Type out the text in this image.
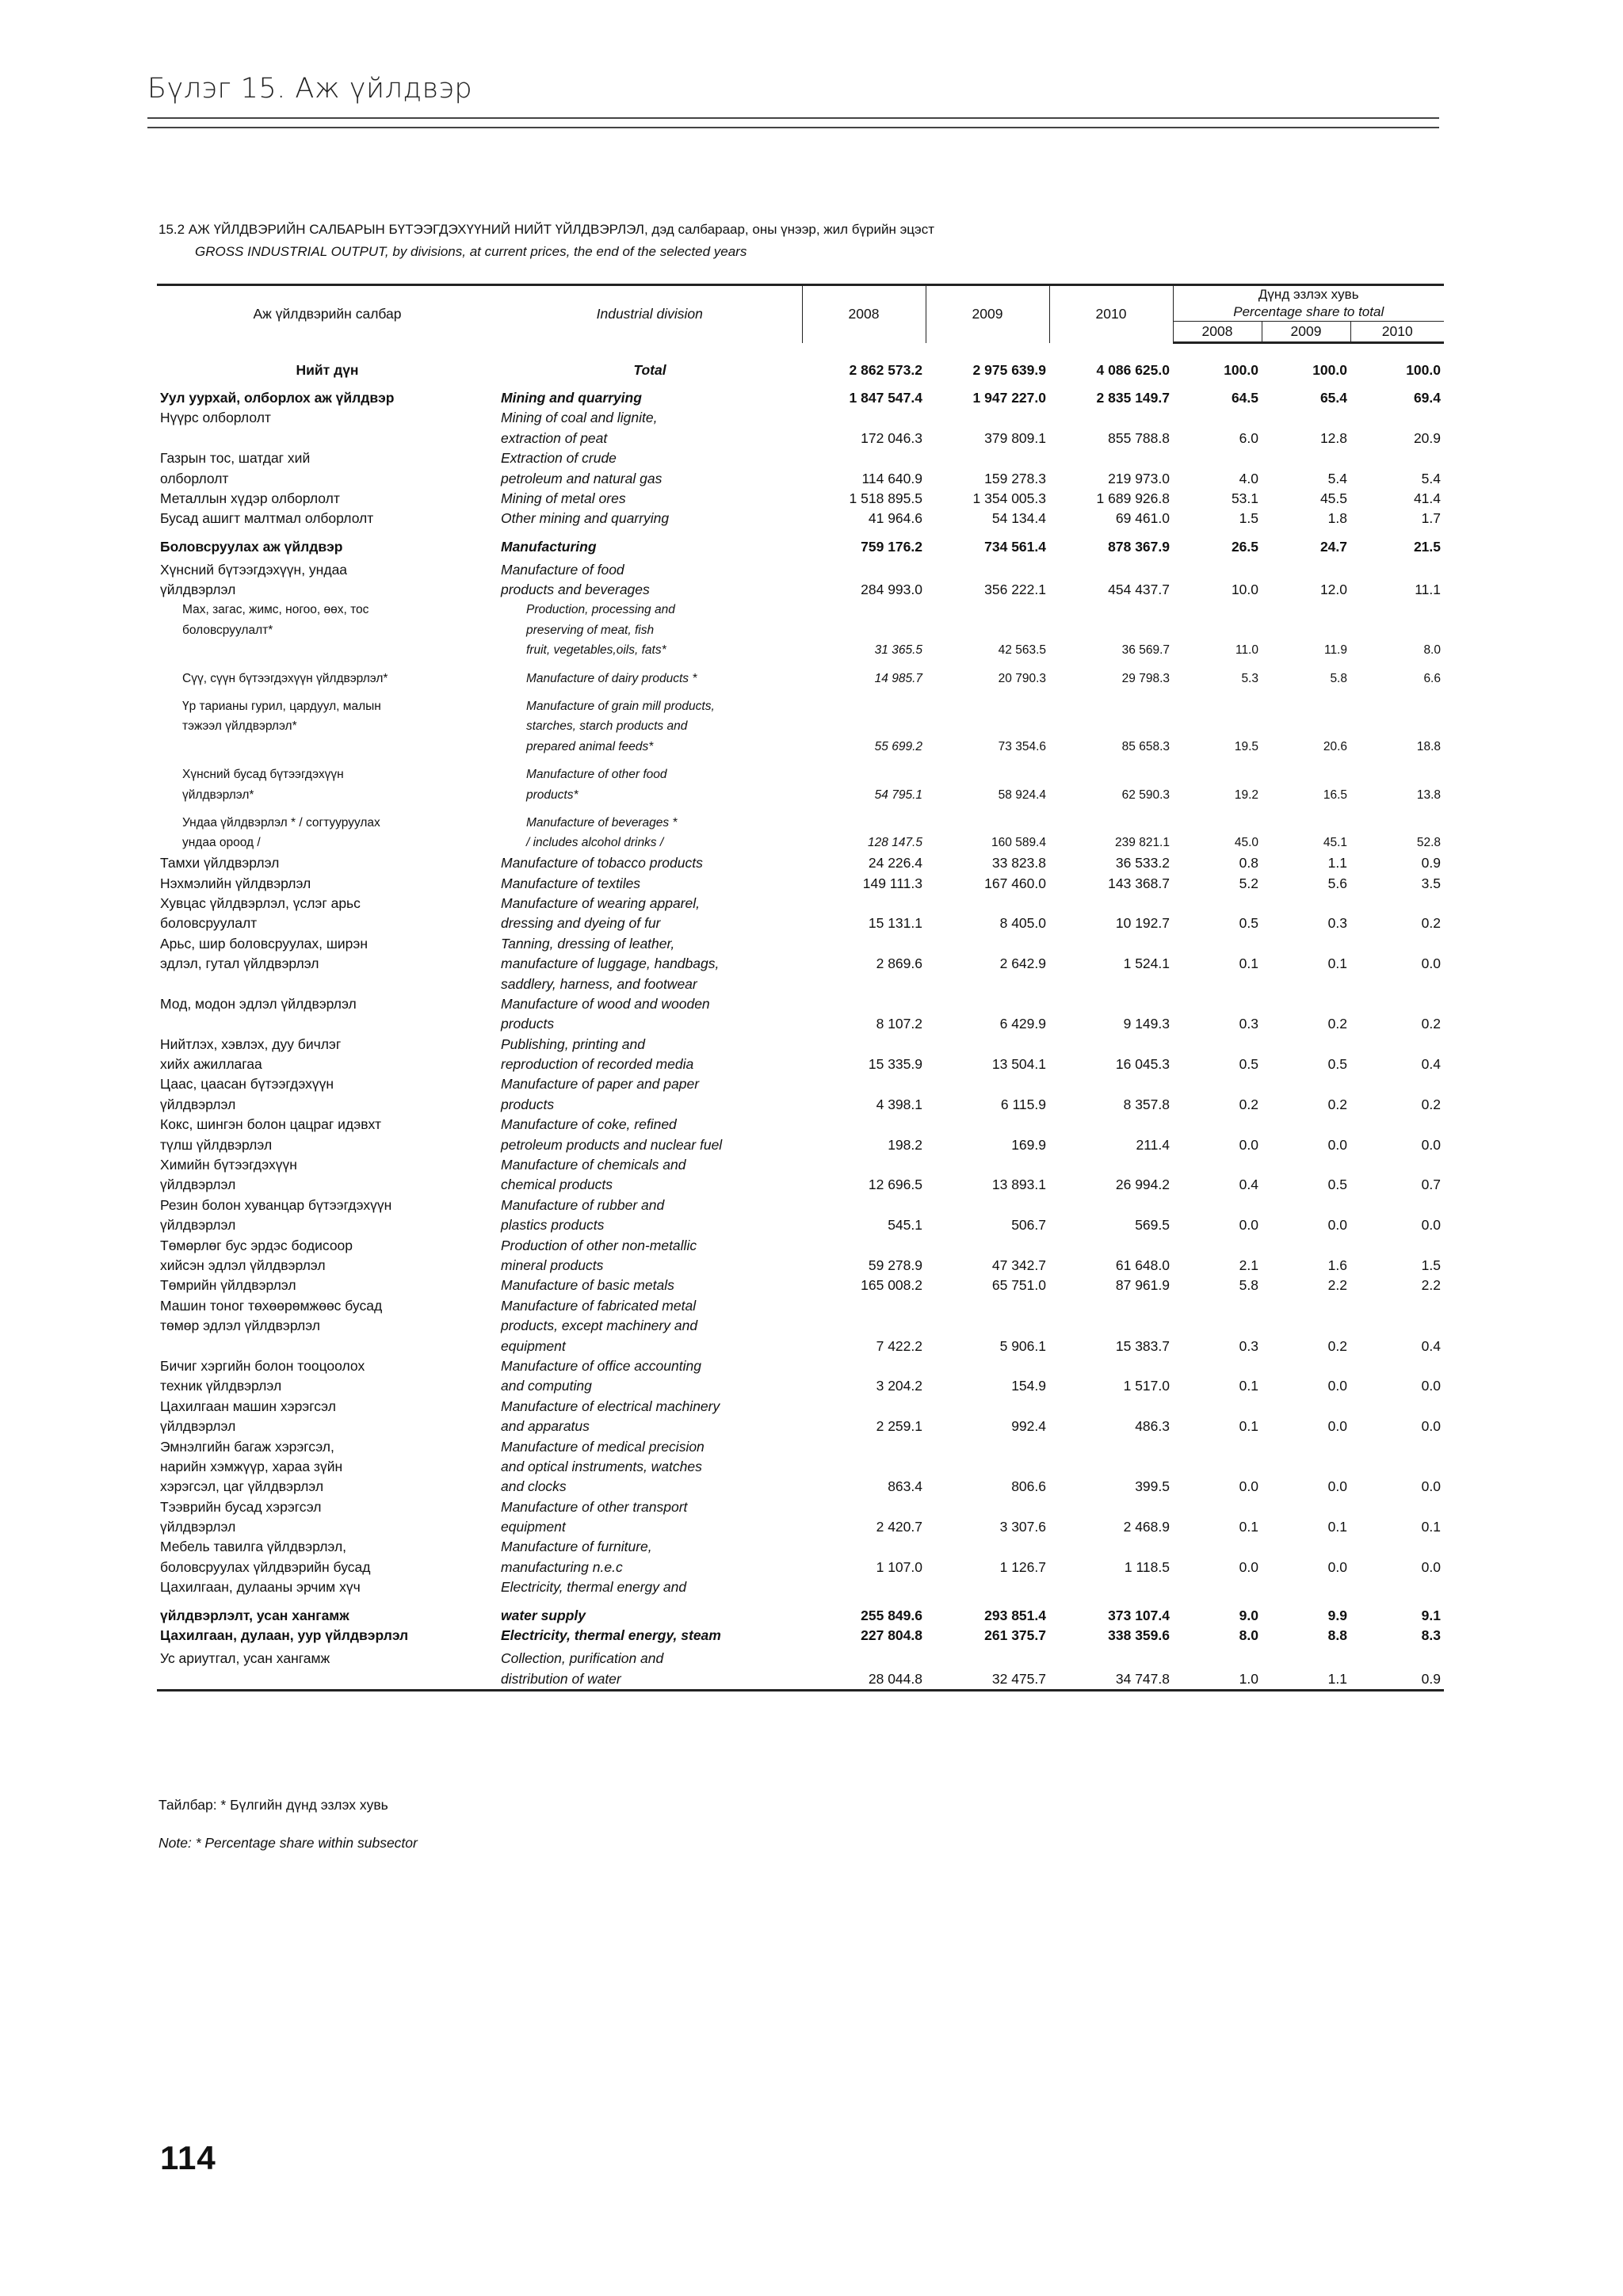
Бүлэг 15. Аж үйлдвэр
15.2 АЖ ҮЙЛДВЭРИЙН САЛБАРЫН БҮТЭЭГДЭХҮҮНИЙ НИЙТ ҮЙЛДВЭРЛЭЛ, дэд салбараар, оны үнээр, жил бүрийн эцэст
GROSS INDUSTRIAL OUTPUT, by divisions, at current prices, the end of the selected years
Аж үйлдвэрийн салбар	Industrial division	2008	2009	2010	Дүнд эзлэх хувь
Percentage share to total		

					2008	2009	2010

Нийт дүн	Total	2 862 573.2	2 975 639.9	4 086 625.0	100.0	100.0	100.0

Уул уурхай, олборлох аж үйлдвэр	Mining and quarrying	1 847 547.4	1 947 227.0	2 835 149.7	64.5	65.4	69.4
Нүүрс олборлолт	Mining of coal and lignite,						
	extraction of peat	172 046.3	379 809.1	855 788.8	6.0	12.8	20.9
Газрын тос, шатдаг хий	Extraction of crude						
олборлолт	petroleum and natural gas	114 640.9	159 278.3	219 973.0	4.0	5.4	5.4
Металлын хүдэр олборлолт	Mining of metal ores	1 518 895.5	1 354 005.3	1 689 926.8	53.1	45.5	41.4
Бусад ашигт малтмал олборлолт	Other mining and quarrying	41 964.6	54 134.4	69 461.0	1.5	1.8	1.7

Боловсруулах аж үйлдвэр	Manufacturing	759 176.2	734 561.4	878 367.9	26.5	24.7	21.5

Хүнсний бүтээгдэхүүн, ундаа	Manufacture of food						
үйлдвэрлэл	products and beverages	284 993.0	356 222.1	454 437.7	10.0	12.0	11.1
Мах, загас, жимс, ногоо, өөх, тос	Production, processing and						
боловсруулалт*	preserving of meat, fish						
	fruit, vegetables,oils, fats*	31 365.5	42 563.5	36 569.7	11.0	11.9	8.0

Сүү, сүүн бүтээгдэхүүн үйлдвэрлэл*	Manufacture of dairy products *	14 985.7	20 790.3	29 798.3	5.3	5.8	6.6

Үр тарианы гурил, цардуул, малын	Manufacture of grain mill products,						
тэжээл үйлдвэрлэл*	starches, starch products and						
	prepared animal feeds*	55 699.2	73 354.6	85 658.3	19.5	20.6	18.8

Хүнсний бусад бүтээгдэхүүн	Manufacture of other food						
үйлдвэрлэл*	products*	54 795.1	58 924.4	62 590.3	19.2	16.5	13.8

Ундаа үйлдвэрлэл * / согтууруулах	Manufacture of beverages *						
ундаа ороод /	/ includes alcohol drinks /	128 147.5	160 589.4	239 821.1	45.0	45.1	52.8
Тамхи үйлдвэрлэл	Manufacture of tobacco products	24 226.4	33 823.8	36 533.2	0.8	1.1	0.9
Нэхмэлийн үйлдвэрлэл	Manufacture of textiles	149 111.3	167 460.0	143 368.7	5.2	5.6	3.5
Хувцас үйлдвэрлэл, үслэг арьс	Manufacture of wearing apparel,						
боловсруулалт	dressing and dyeing of fur	15 131.1	8 405.0	10 192.7	0.5	0.3	0.2
Арьс, шир боловсруулах, ширэн	Tanning, dressing of leather,						
эдлэл, гутал үйлдвэрлэл	manufacture of luggage, handbags,	2 869.6	2 642.9	1 524.1	0.1	0.1	0.0
	saddlery, harness, and footwear						
Мод, модон эдлэл үйлдвэрлэл	Manufacture of wood and wooden						
	products	8 107.2	6 429.9	9 149.3	0.3	0.2	0.2
Нийтлэх, хэвлэх, дуу бичлэг	Publishing, printing and						
хийх ажиллагаа	reproduction of recorded media	15 335.9	13 504.1	16 045.3	0.5	0.5	0.4
Цаас, цаасан бүтээгдэхүүн	Manufacture of paper and paper						
үйлдвэрлэл	products	4 398.1	6 115.9	8 357.8	0.2	0.2	0.2
Кокс, шингэн болон цацраг идэвхт	Manufacture of coke, refined						
түлш үйлдвэрлэл	petroleum products and nuclear fuel	198.2	169.9	211.4	0.0	0.0	0.0
Химийн бүтээгдэхүүн	Manufacture of chemicals and						
үйлдвэрлэл	chemical products	12 696.5	13 893.1	26 994.2	0.4	0.5	0.7
Резин болон хуванцар бүтээгдэхүүн	Manufacture of rubber and						
үйлдвэрлэл	plastics products	545.1	506.7	569.5	0.0	0.0	0.0
Төмөрлөг бус эрдэс бодисоор	Production of other non-metallic						
хийсэн эдлэл үйлдвэрлэл	mineral products	59 278.9	47 342.7	61 648.0	2.1	1.6	1.5
Төмрийн үйлдвэрлэл	Manufacture of basic metals	165 008.2	65 751.0	87 961.9	5.8	2.2	2.2
Машин тоног төхөөрөмжөөс бусад	Manufacture of fabricated metal						
төмөр эдлэл үйлдвэрлэл	products, except machinery and						
	equipment	7 422.2	5 906.1	15 383.7	0.3	0.2	0.4
Бичиг хэргийн болон тооцоолох	Manufacture of office accounting						
техник үйлдвэрлэл	and computing	3 204.2	154.9	1 517.0	0.1	0.0	0.0
Цахилгаан машин хэрэгсэл	Manufacture of electrical machinery						
үйлдвэрлэл	and apparatus	2 259.1	992.4	486.3	0.1	0.0	0.0
Эмнэлгийн багаж хэрэгсэл,	Manufacture of medical precision						
нарийн хэмжүүр, хараа зүйн	and optical instruments, watches						
хэрэгсэл, цаг үйлдвэрлэл	and clocks	863.4	806.6	399.5	0.0	0.0	0.0
Тээврийн бусад хэрэгсэл	Manufacture of other transport						
үйлдвэрлэл	equipment	2 420.7	3 307.6	2 468.9	0.1	0.1	0.1
Мебель тавилга үйлдвэрлэл,	Manufacture of furniture,						
боловсруулах үйлдвэрийн бусад	manufacturing n.e.c	1 107.0	1 126.7	1 118.5	0.0	0.0	0.0
Цахилгаан, дулааны эрчим хүч	Electricity, thermal energy and						

үйлдвэрлэлт, усан хангамж	water supply	255 849.6	293 851.4	373 107.4	9.0	9.9	9.1
Цахилгаан, дулаан, уур үйлдвэрлэл	Electricity, thermal energy, steam	227 804.8	261 375.7	338 359.6	8.0	8.8	8.3

Ус ариутгал, усан хангамж	Collection, purification and						
	distribution of water	28 044.8	32 475.7	34 747.8	1.0	1.1	0.9
Тайлбар: * Бүлгийн дүнд эзлэх хувь
Note: * Percentage share within subsector
114
